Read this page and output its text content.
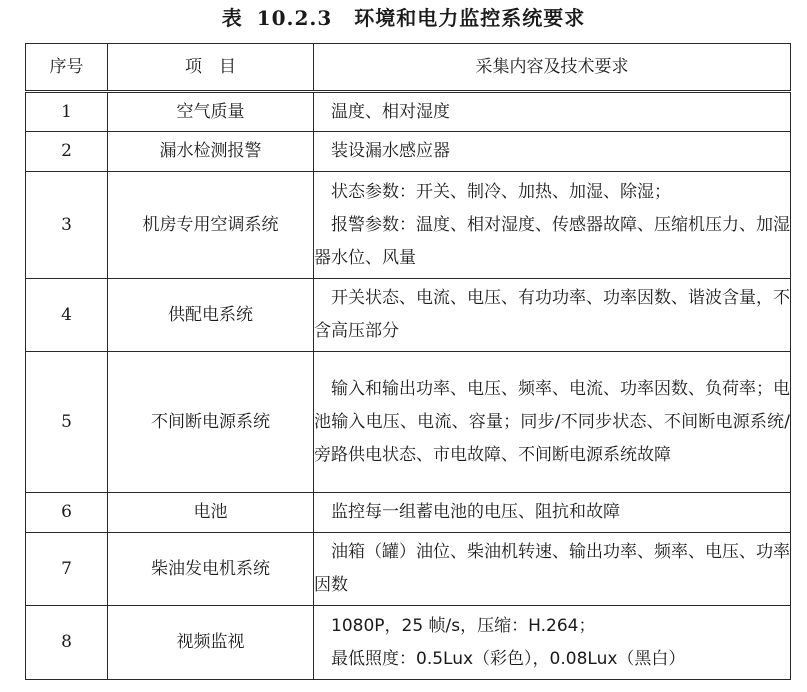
表 10.2.3 环境和电力监控系统要求
序号	项　目	采集内容及技术要求
1	空气质量	温度、相对湿度

2	漏水检测报警	装设漏水感应器

3	机房专用空调系统	状态参数：开关、制冷、加热、加湿、除湿；
报警参数：温度、相对湿度、传感器故障、压缩机压力、加湿器水位、风量

4	供配电系统	开关状态、电流、电压、有功功率、功率因数、谐波含量，不含高压部分

5	不间断电源系统	输入和输出功率、电压、频率、电流、功率因数、负荷率；电池输入电压、电流、容量；同步/不同步状态、不间断电源系统/旁路供电状态、市电故障、不间断电源系统故障

6	电池	监控每一组蓄电池的电压、阻抗和故障

7	柴油发电机系统	油箱（罐）油位、柴油机转速、输出功率、频率、电压、功率因数

8	视频监视	1080P，25 帧/s，压缩：H.264；
最低照度：0.5Lux（彩色），0.08Lux（黑白）
